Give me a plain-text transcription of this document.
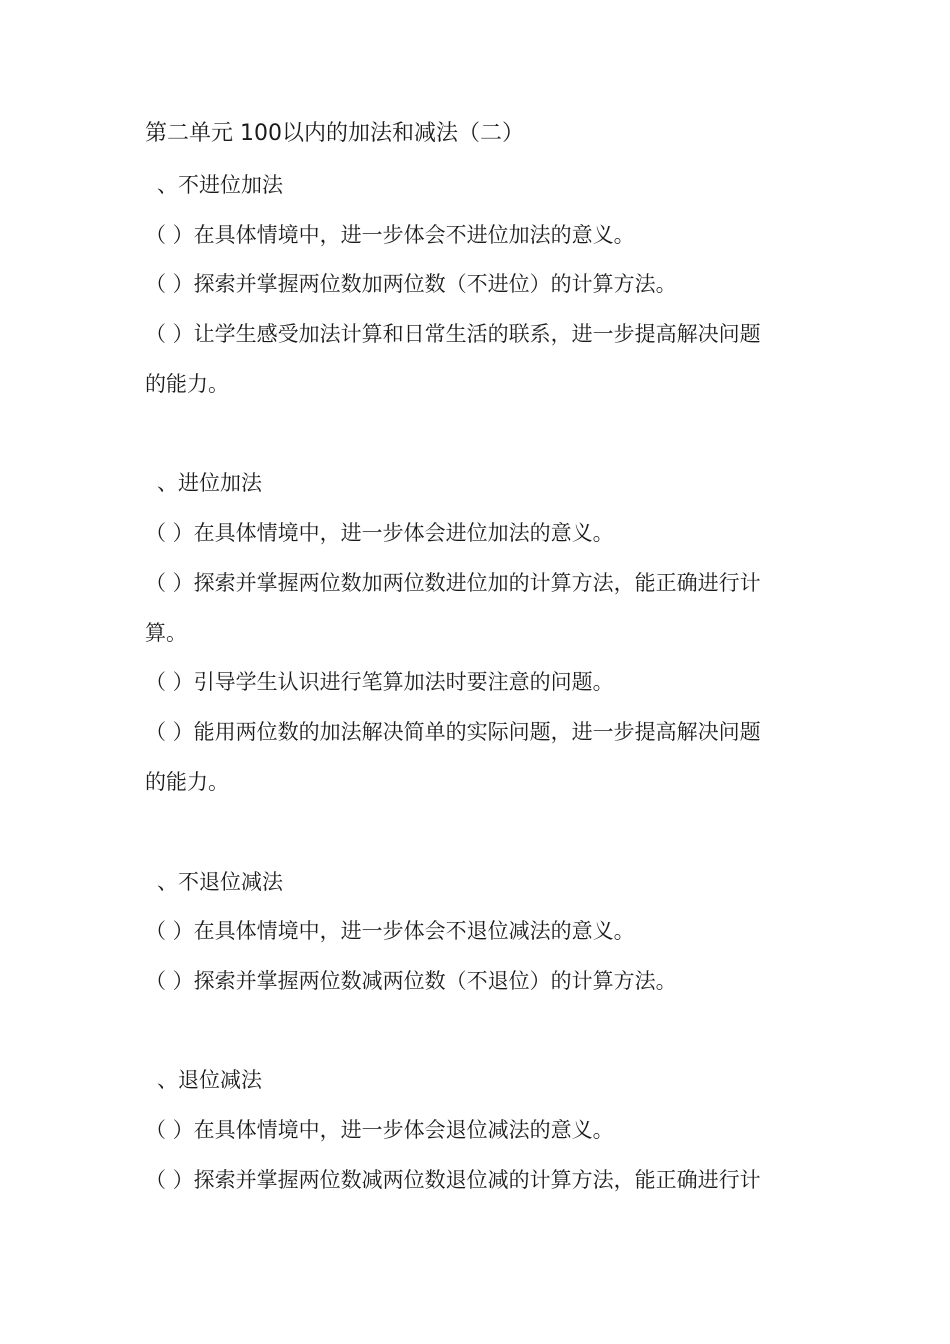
第二单元 100以内的加法和减法（二）
、不进位加法
（ ）在具体情境中，进一步体会不进位加法的意义。
（ ）探索并掌握两位数加两位数（不进位）的计算方法。
（ ）让学生感受加法计算和日常生活的联系，进一步提高解决问题
的能力。
、进位加法
（ ）在具体情境中，进一步体会进位加法的意义。
（ ）探索并掌握两位数加两位数进位加的计算方法，能正确进行计
算。
（ ）引导学生认识进行笔算加法时要注意的问题。
（ ）能用两位数的加法解决简单的实际问题，进一步提高解决问题
的能力。
、不退位减法
（ ）在具体情境中，进一步体会不退位减法的意义。
（ ）探索并掌握两位数减两位数（不退位）的计算方法。
、退位减法
（ ）在具体情境中，进一步体会退位减法的意义。
（ ）探索并掌握两位数减两位数退位减的计算方法，能正确进行计
